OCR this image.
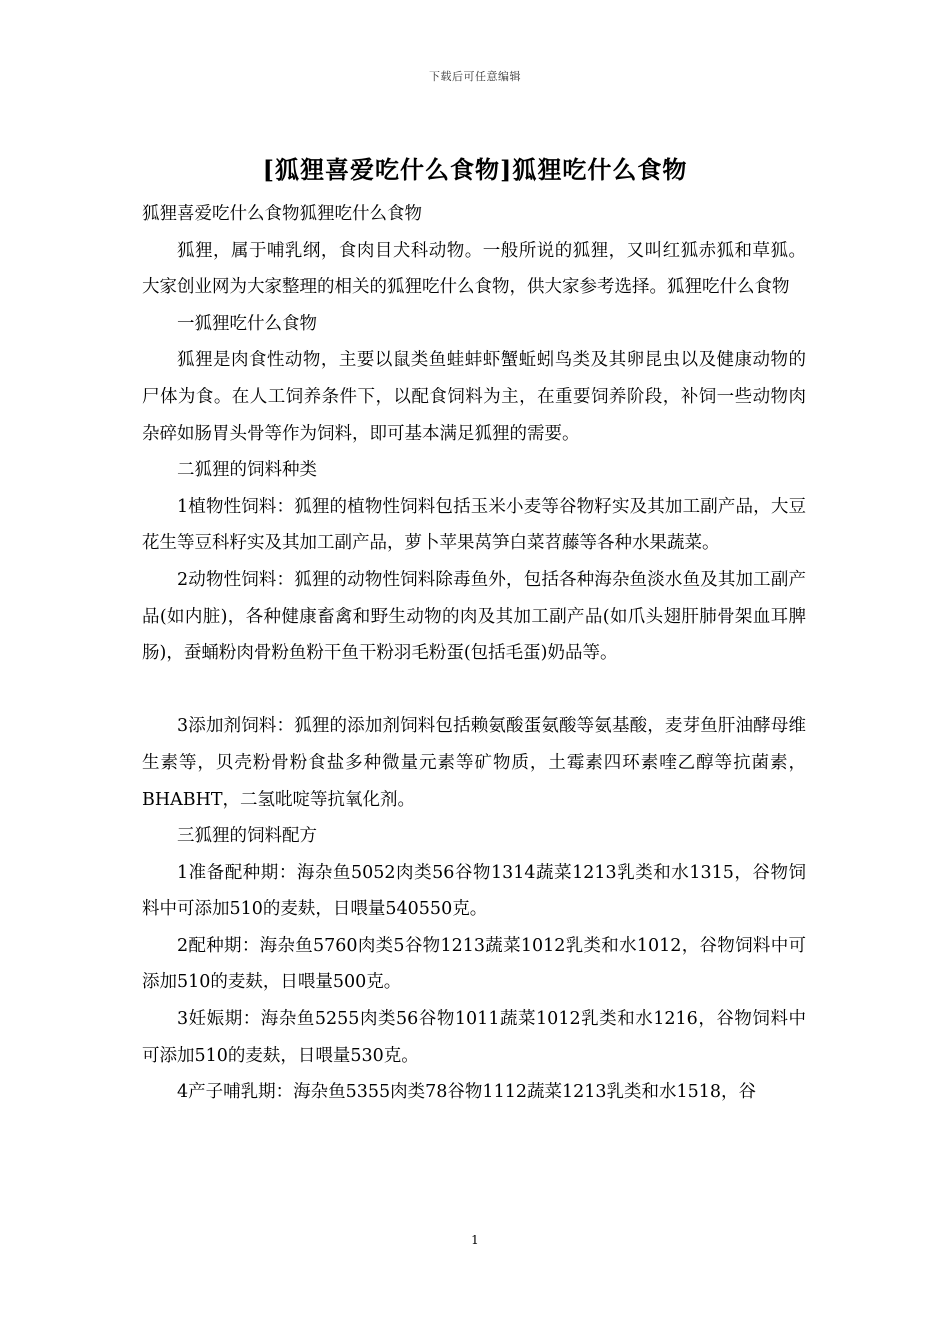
下载后可任意编辑
[狐狸喜爱吃什么食物]狐狸吃什么食物

狐狸喜爱吃什么食物狐狸吃什么食物

狐狸，属于哺乳纲，食肉目犬科动物。一般所说的狐狸，又叫红狐赤狐和草狐。大家创业网为大家整理的相关的狐狸吃什么食物，供大家参考选择。狐狸吃什么食物

一狐狸吃什么食物

狐狸是肉食性动物，主要以鼠类鱼蛙蚌虾蟹蚯蚓鸟类及其卵昆虫以及健康动物的尸体为食。在人工饲养条件下，以配食饲料为主，在重要饲养阶段，补饲一些动物肉杂碎如肠胃头骨等作为饲料，即可基本满足狐狸的需要。

二狐狸的饲料种类

1植物性饲料：狐狸的植物性饲料包括玉米小麦等谷物籽实及其加工副产品，大豆花生等豆科籽实及其加工副产品，萝卜苹果莴笋白菜苕藤等各种水果蔬菜。

2动物性饲料：狐狸的动物性饲料除毒鱼外，包括各种海杂鱼淡水鱼及其加工副产品(如内脏)，各种健康畜禽和野生动物的肉及其加工副产品(如爪头翅肝肺骨架血耳脾肠)，蚕蛹粉肉骨粉鱼粉干鱼干粉羽毛粉蛋(包括毛蛋)奶品等。

3添加剂饲料：狐狸的添加剂饲料包括赖氨酸蛋氨酸等氨基酸，麦芽鱼肝油酵母维生素等，贝壳粉骨粉食盐多种微量元素等矿物质，土霉素四环素喹乙醇等抗菌素，BHABHT，二氢吡啶等抗氧化剂。

三狐狸的饲料配方

1准备配种期：海杂鱼5052肉类56谷物1314蔬菜1213乳类和水1315，谷物饲料中可添加510的麦麸，日喂量540550克。

2配种期：海杂鱼5760肉类5谷物1213蔬菜1012乳类和水1012，谷物饲料中可添加510的麦麸，日喂量500克。

3妊娠期：海杂鱼5255肉类56谷物1011蔬菜1012乳类和水1216，谷物饲料中可添加510的麦麸，日喂量530克。

4产子哺乳期：海杂鱼5355肉类78谷物1112蔬菜1213乳类和水1518，谷

1
